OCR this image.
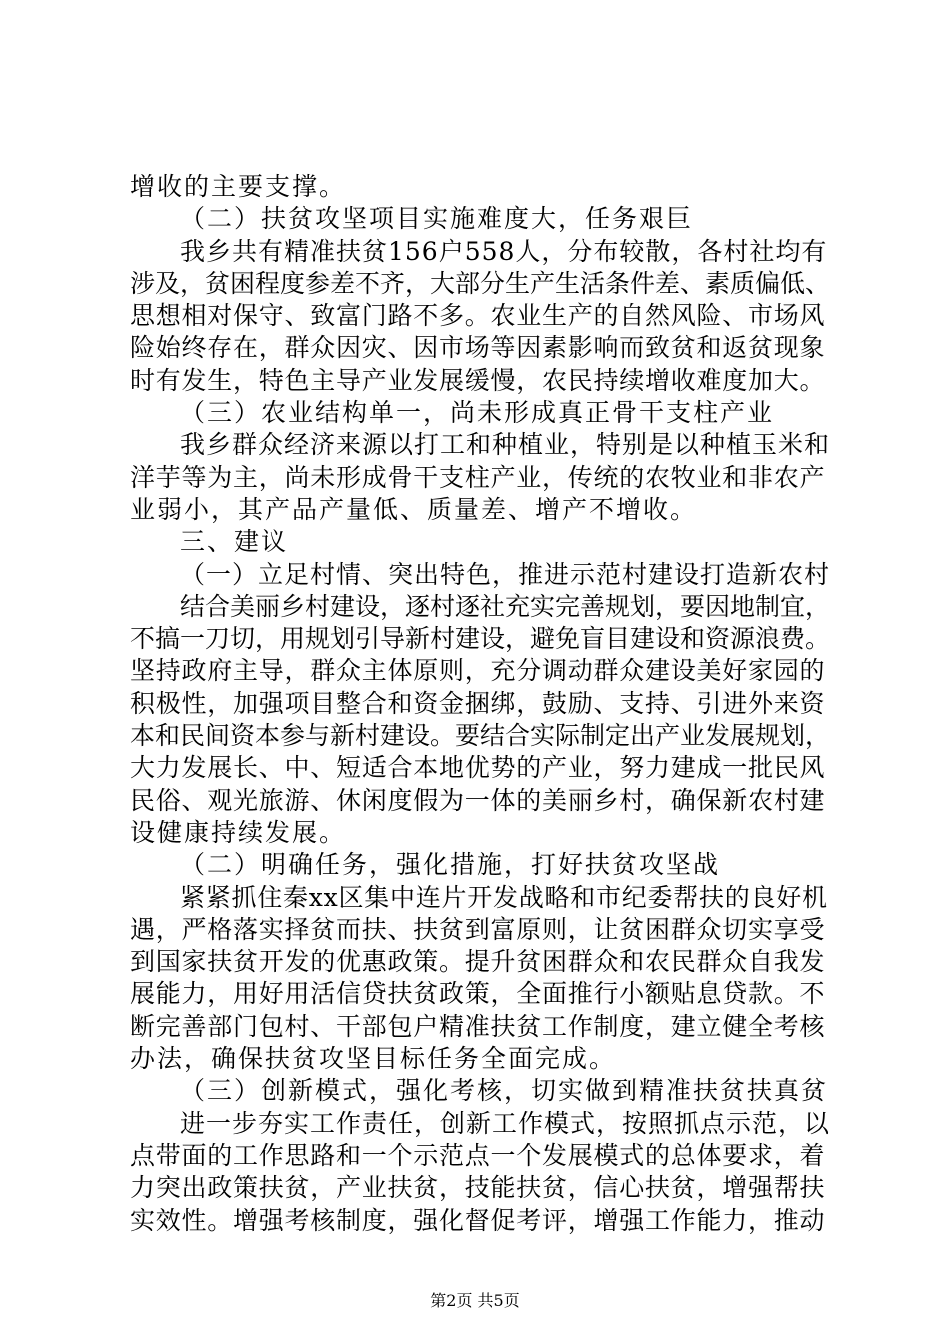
增收的主要支撑。
（二）扶贫攻坚项目实施难度大，任务艰巨
我乡共有精准扶贫156户558人，分布较散，各村社均有
涉及，贫困程度参差不齐，大部分生产生活条件差、素质偏低、
思想相对保守、致富门路不多。农业生产的自然风险、市场风
险始终存在，群众因灾、因市场等因素影响而致贫和返贫现象
时有发生，特色主导产业发展缓慢，农民持续增收难度加大。
（三）农业结构单一，尚未形成真正骨干支柱产业
我乡群众经济来源以打工和种植业，特别是以种植玉米和
洋芋等为主，尚未形成骨干支柱产业，传统的农牧业和非农产
业弱小，其产品产量低、质量差、增产不增收。
三、建议
（一）立足村情、突出特色，推进示范村建设打造新农村
结合美丽乡村建设，逐村逐社充实完善规划，要因地制宜，
不搞一刀切，用规划引导新村建设，避免盲目建设和资源浪费。
坚持政府主导，群众主体原则，充分调动群众建设美好家园的
积极性，加强项目整合和资金捆绑，鼓励、支持、引进外来资
本和民间资本参与新村建设。要结合实际制定出产业发展规划，
大力发展长、中、短适合本地优势的产业，努力建成一批民风
民俗、观光旅游、休闲度假为一体的美丽乡村，确保新农村建
设健康持续发展。
（二）明确任务，强化措施，打好扶贫攻坚战
紧紧抓住秦xx区集中连片开发战略和市纪委帮扶的良好机
遇，严格落实择贫而扶、扶贫到富原则，让贫困群众切实享受
到国家扶贫开发的优惠政策。提升贫困群众和农民群众自我发
展能力，用好用活信贷扶贫政策，全面推行小额贴息贷款。不
断完善部门包村、干部包户精准扶贫工作制度，建立健全考核
办法，确保扶贫攻坚目标任务全面完成。
（三）创新模式，强化考核，切实做到精准扶贫扶真贫
进一步夯实工作责任，创新工作模式，按照抓点示范，以
点带面的工作思路和一个示范点一个发展模式的总体要求，着
力突出政策扶贫，产业扶贫，技能扶贫，信心扶贫，增强帮扶
实效性。增强考核制度，强化督促考评，增强工作能力，推动
第2页 共5页
